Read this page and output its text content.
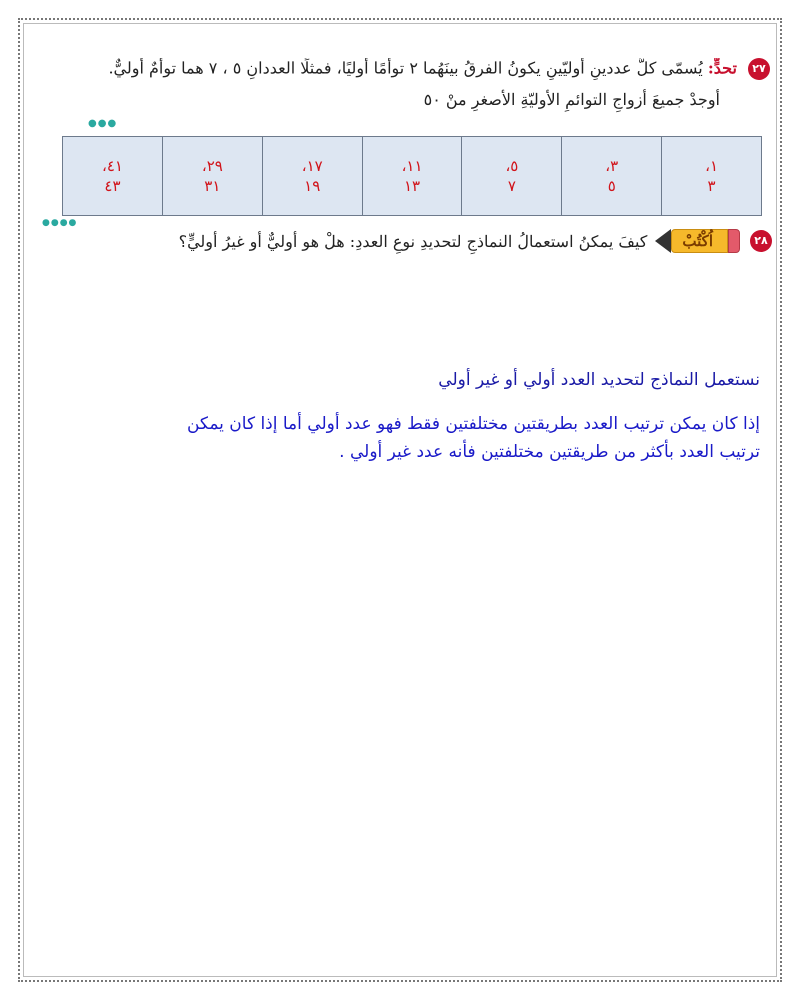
٢٧ تحدٍّ: يُسمّى كلُّ عددينِ أوليّينِ يكونُ الفرقُ بينَهُما ٢ توأمًا أوليًا، فمثلًا العددانِ ٥ ، ٧ هما توأمٌ أوليٌّ.
أوجدْ جميعَ أزواجِ التوائمِ الأوليّةِ الأصغرِ منْ ٥٠
●●●
١،
٣

٣،
٥

٥،
٧

١١،
١٣

١٧،
١٩

٢٩،
٣١

٤١،
٤٣
●●●●
٢٨
اُكْتُبْ
كيفَ يمكنُ استعمالُ النماذجِ لتحديدِ نوعِ العددِ: هلْ هو أوليٌّ أو غيرُ أوليٍّ؟
نستعمل النماذج لتحديد العدد أولي أو غير أولي
إذا كان يمكن ترتيب العدد بطريقتين مختلفتين فقط فهو عدد أولي أما إذا كان يمكن
ترتيب العدد بأكثر من طريقتين مختلفتين فأنه عدد غير أولي .
